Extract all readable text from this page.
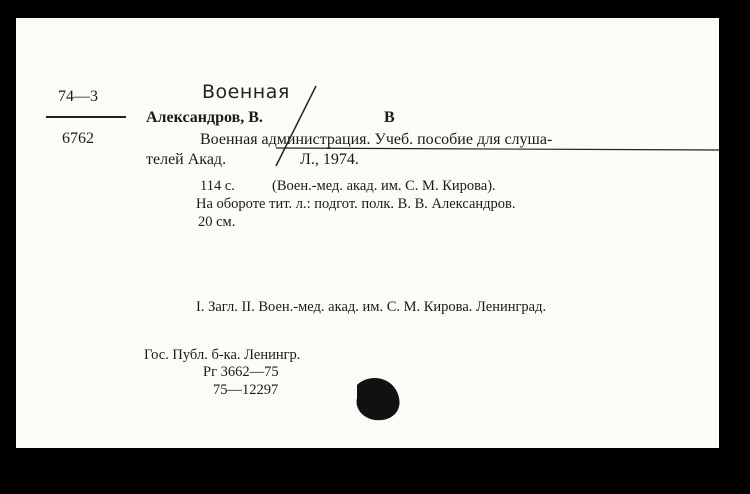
74—3
6762
Военная
Александров, В.	В
Военная администрация. Учеб. пособие для слуша-
телей Акад.	Л., 1974.
114 с.	(Воен.-мед. акад. им. С. М. Кирова).
На обороте тит. л.: подгот. полк. В. В. Александров.
20 см.
I. Загл. II. Воен.-мед. акад. им. С. М. Кирова. Ленинград.
Гос. Публ. б-ка. Ленингр.
Рг 3662—75
75—12297
